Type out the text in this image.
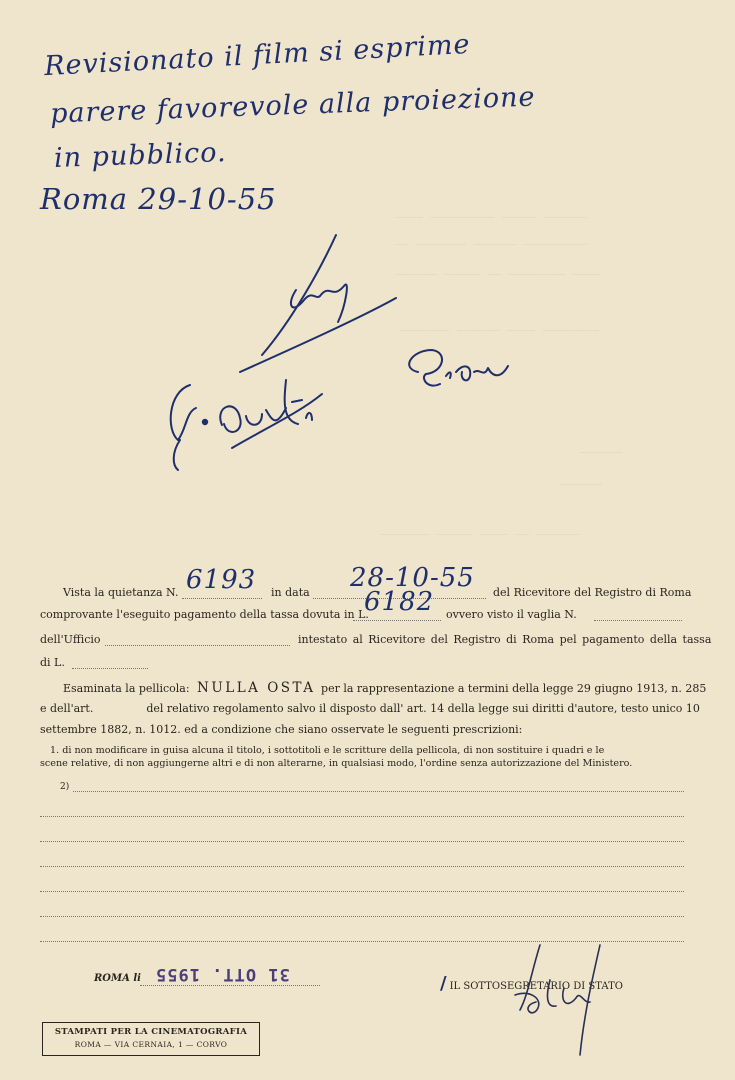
____ _________ _____ ______
__ _______ ______ _________
______ _____ __ ________ ____
_______ ______ ____ ________
______
______
_______ _____ ____ __ ______
Revisionato il film si esprime
parere favorevole alla proiezione
in pubblico.
Roma 29-10-55
Vista la quietanza N. 6193 in data 28-10-55 del Ricevitore del Registro di Roma
comprovante l'eseguito pagamento della tassa dovuta in L.
6182 ovvero visto il vaglia N.
dell'Ufficio	intestato al Ricevitore del Registro di Roma pel pagamento della tassa
di L.
Esaminata la pellicola: NULLA OSTA per la rappresentazione a termini della legge 29 giugno 1913, n. 285
e dell'art.	del relativo regolamento salvo il disposto dall' art. 14 della legge sui diritti d'autore, testo unico 10
settembre 1882, n. 1012. ed a condizione che siano osservate le seguenti prescrizioni:
1. di non modificare in guisa alcuna il titolo, i sottotitoli e le scritture della pellicola, di non sostituire i quadri e le
scene relative, di non aggiungerne altri e di non alterarne, in qualsiasi modo, l'ordine senza autorizzazione del Ministero.
2)
ROMA li 31 OTT. 1955	/ IL SOTTOSEGRETARIO DI STATO
STAMPATI PER LA CINEMATOGRAFIA
ROMA — VIA CERNAIA, 1 — CORVO
